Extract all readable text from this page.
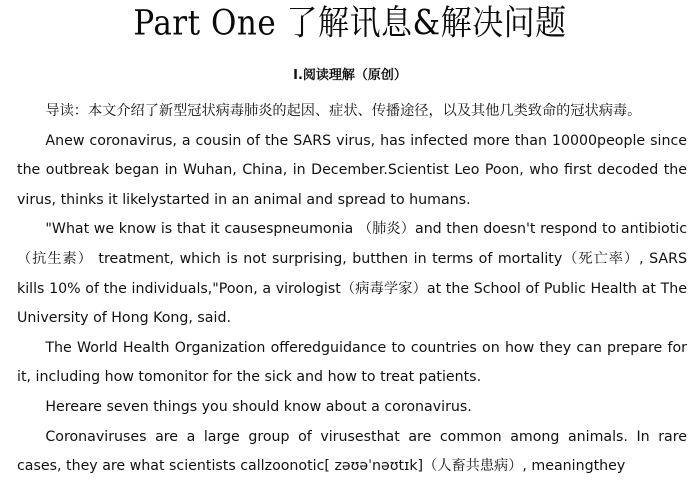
Part One 了解讯息&解决问题
I.阅读理解（原创）

导读：本文介绍了新型冠状病毒肺炎的起因、症状、传播途径，以及其他几类致命的冠状病毒。

Anew coronavirus, a cousin of the SARS virus, has infected more than 10000people since the outbreak began in Wuhan, China, in December.Scientist Leo Poon, who first decoded the virus, thinks it likelystarted in an animal and spread to humans.

"What we know is that it causespneumonia （肺炎）and then doesn't respond to antibiotic（抗生素） treatment, which is not surprising, butthen in terms of mortality（死亡率）, SARS kills 10% of the individuals,"Poon, a virologist（病毒学家）at the School of Public Health at The University of Hong Kong, said.

The World Health Organization offeredguidance to countries on how they can prepare for it, including how tomonitor for the sick and how to treat patients.

Hereare seven things you should know about a coronavirus.

Coronaviruses are a large group of virusesthat are common among animals. In rare cases, they are what scientists callzoonotic[ zəʊəˈnəʊtɪk]（人畜共患病）, meaningthey
